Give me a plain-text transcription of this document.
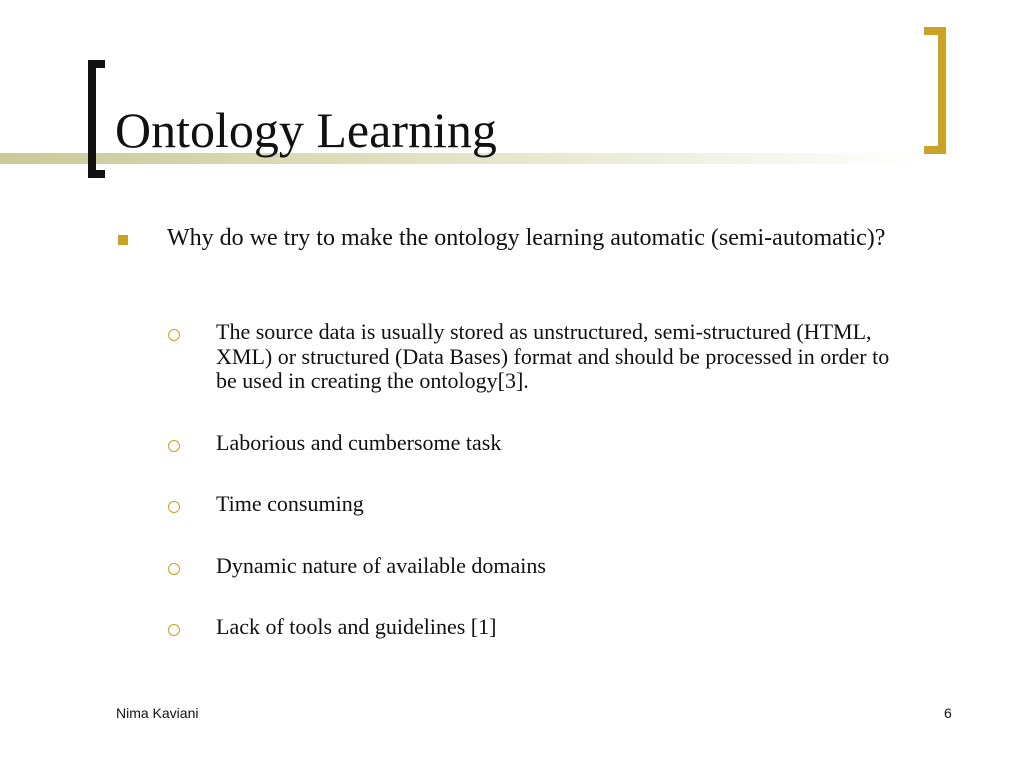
Ontology Learning
Why do we try to make the ontology learning automatic (semi-automatic)?
The source data is usually stored as unstructured, semi-structured (HTML, XML) or structured (Data Bases) format and should be processed in order to be used in creating the ontology[3].
Laborious and cumbersome task
Time consuming
Dynamic nature of available domains
Lack of tools and guidelines [1]
Nima Kaviani	6
